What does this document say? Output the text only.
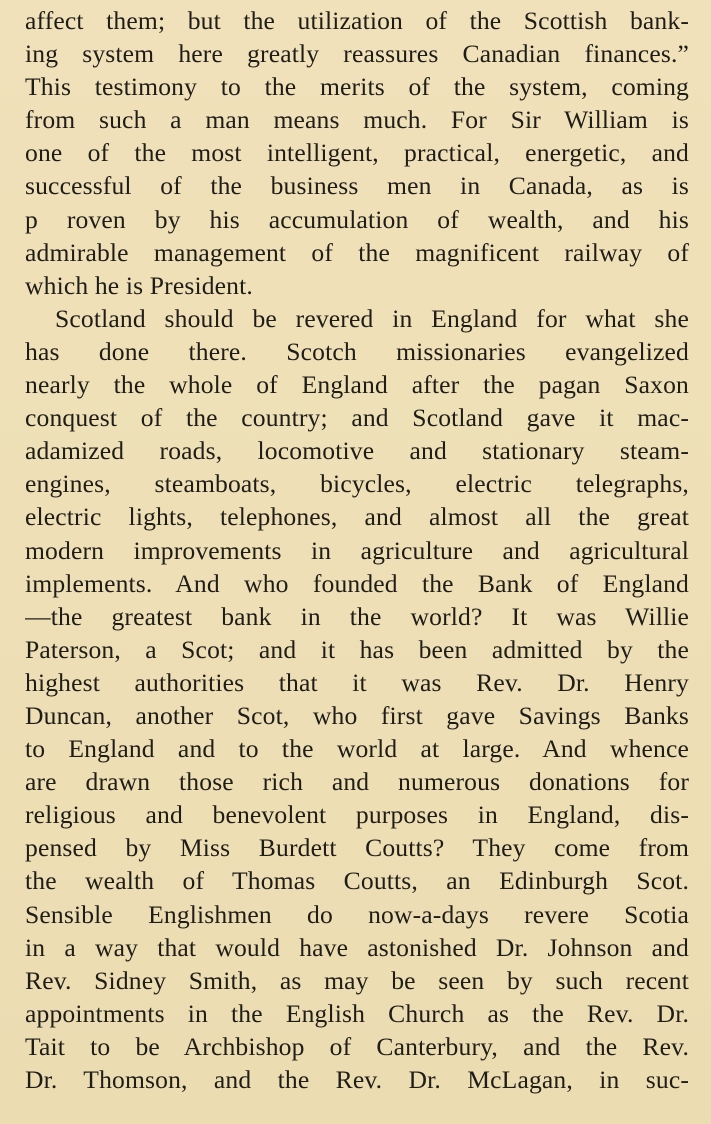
affect them; but the utilization of the Scottish bank-
ing system here greatly reassures Canadian finances.”
This testimony to the merits of the system, coming
from such a man means much. For Sir William is
one of the most intelligent, practical, energetic, and
successful of the business men in Canada, as is
p roven by his accumulation of wealth, and his
admirable management of the magnificent railway of
which he is President.
Scotland should be revered in England for what she
has done there. Scotch missionaries evangelized
nearly the whole of England after the pagan Saxon
conquest of the country; and Scotland gave it mac-
adamized roads, locomotive and stationary steam-
engines, steamboats, bicycles, electric telegraphs,
electric lights, telephones, and almost all the great
modern improvements in agriculture and agricultural
implements. And who founded the Bank of England
—the greatest bank in the world? It was Willie
Paterson, a Scot; and it has been admitted by the
highest authorities that it was Rev. Dr. Henry
Duncan, another Scot, who first gave Savings Banks
to England and to the world at large. And whence
are drawn those rich and numerous donations for
religious and benevolent purposes in England, dis-
pensed by Miss Burdett Coutts? They come from
the wealth of Thomas Coutts, an Edinburgh Scot.
Sensible Englishmen do now-a-days revere Scotia
in a way that would have astonished Dr. Johnson and
Rev. Sidney Smith, as may be seen by such recent
appointments in the English Church as the Rev. Dr.
Tait to be Archbishop of Canterbury, and the Rev.
Dr. Thomson, and the Rev. Dr. McLagan, in suc-
